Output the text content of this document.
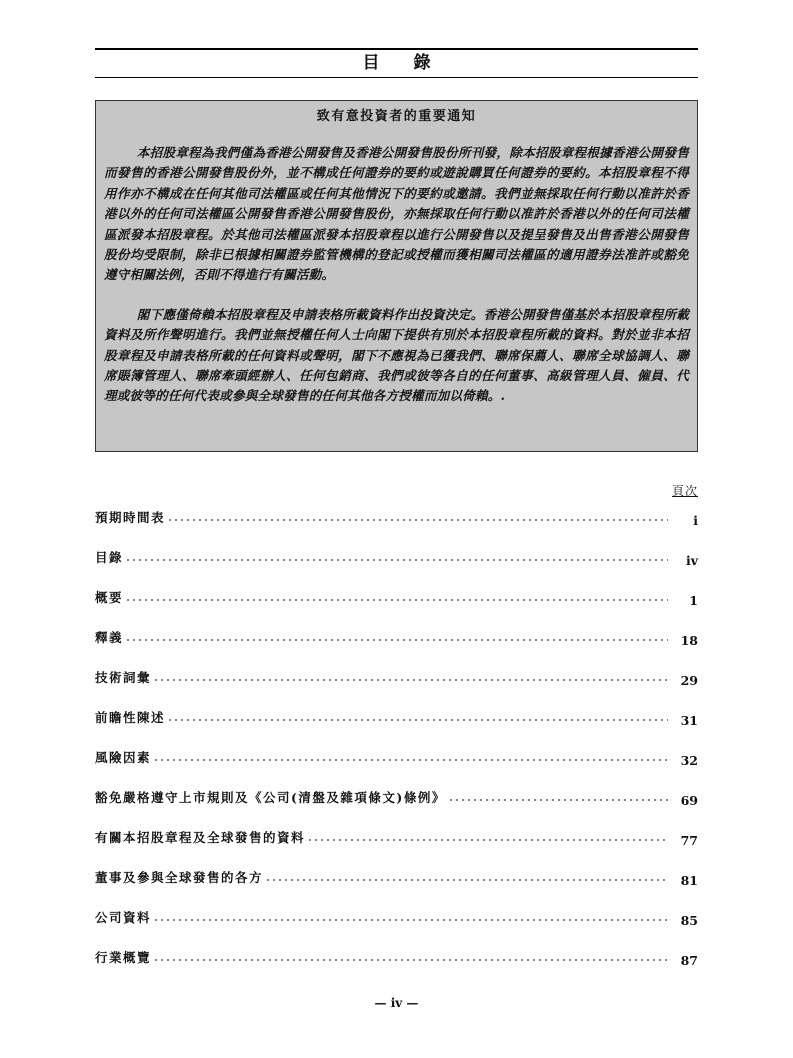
目錄
致有意投資者的重要通知

本招股章程為我們僅為香港公開發售及香港公開發售股份所刊發，除本招股章程根據香港公開發售而發售的香港公開發售股份外，並不構成任何證券的要約或遊說購買任何證券的要約。本招股章程不得用作亦不構成在任何其他司法權區或任何其他情況下的要約或邀請。我們並無採取任何行動以准許於香港以外的任何司法權區公開發售香港公開發售股份，亦無採取任何行動以准許於香港以外的任何司法權區派發本招股章程。於其他司法權區派發本招股章程以進行公開發售以及提呈發售及出售香港公開發售股份均受限制，除非已根據相關證券監管機構的登記或授權而獲相關司法權區的適用證券法准許或豁免遵守相關法例，否則不得進行有關活動。

閣下應僅倚賴本招股章程及申請表格所載資料作出投資決定。香港公開發售僅基於本招股章程所載資料及所作聲明進行。我們並無授權任何人士向閣下提供有別於本招股章程所載的資料。對於並非本招股章程及申請表格所載的任何資料或聲明，閣下不應視為已獲我們、聯席保薦人、聯席全球協調人、聯席賬簿管理人、聯席牽頭經辦人、任何包銷商、我們或彼等各自的任何董事、高級管理人員、僱員、代理或彼等的任何代表或參與全球發售的任何其他各方授權而加以倚賴。.

頁次
預期時間表	i
目錄	iv
概要	1
釋義	18
技術詞彙	29
前瞻性陳述	31
風險因素	32
豁免嚴格遵守上市規則及《公司(清盤及雜項條文)條例》	69
有關本招股章程及全球發售的資料	77
董事及參與全球發售的各方	81
公司資料	85
行業概覽	87
— iv —
